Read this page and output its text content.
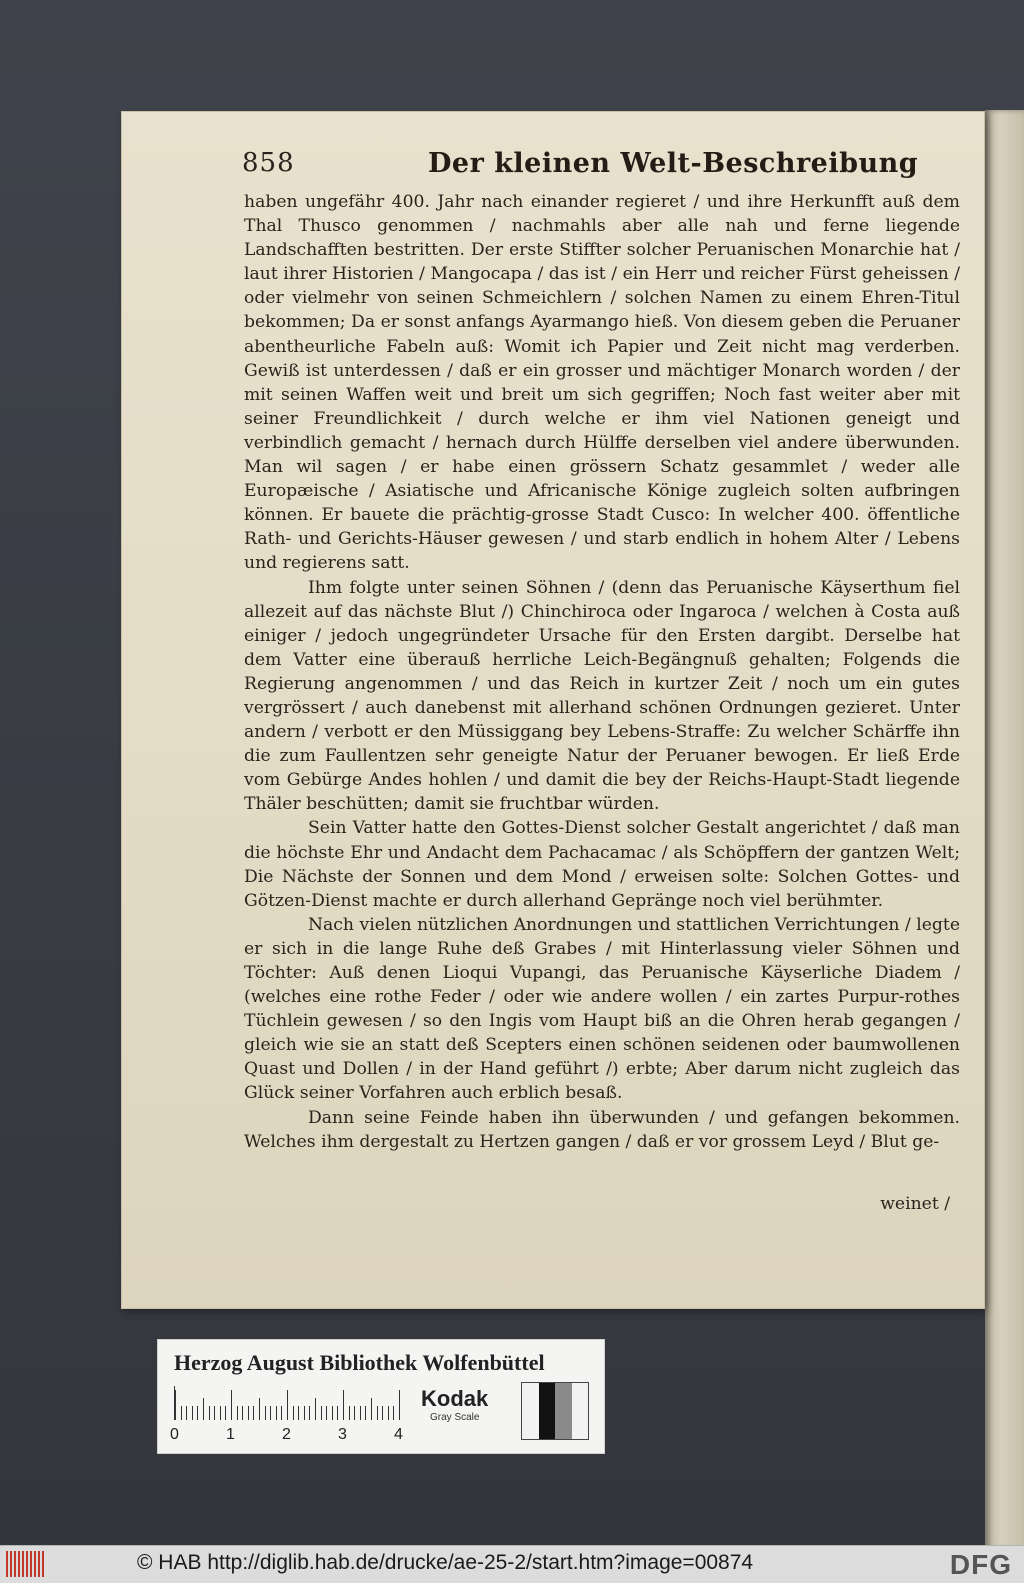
858	Der kleinen Welt-Beschreibung

haben ungefähr 400. Jahr nach einander regieret / und ihre Herkunfft auß dem Thal Thusco genommen / nachmahls aber alle nah und ferne liegende Landschafften bestritten. Der erste Stiffter solcher Peruanischen Monarchie hat / laut ihrer Historien / Mangocapa / das ist / ein Herr und reicher Fürst geheissen / oder vielmehr von seinen Schmeichlern / solchen Namen zu einem Ehren-Titul bekommen; Da er sonst anfangs Ayarmango hieß. Von diesem geben die Peruaner abentheurliche Fabeln auß: Womit ich Papier und Zeit nicht mag verderben. Gewiß ist unterdessen / daß er ein grosser und mächtiger Monarch worden / der mit seinen Waffen weit und breit um sich gegriffen; Noch fast weiter aber mit seiner Freundlichkeit / durch welche er ihm viel Nationen geneigt und verbindlich gemacht / hernach durch Hülffe derselben viel andere überwunden. Man wil sagen / er habe einen grössern Schatz gesammlet / weder alle Europæische / Asiatische und Africanische Könige zugleich solten aufbringen können. Er bauete die prächtig-grosse Stadt Cusco: In welcher 400. öffentliche Rath- und Gerichts-Häuser gewesen / und starb endlich in hohem Alter / Lebens und regierens satt.

Ihm folgte unter seinen Söhnen / (denn das Peruanische Käyserthum fiel allezeit auf das nächste Blut /) Chinchiroca oder Ingaroca / welchen à Costa auß einiger / jedoch ungegründeter Ursache für den Ersten dargibt. Derselbe hat dem Vatter eine überauß herrliche Leich-Begängnuß gehalten; Folgends die Regierung angenommen / und das Reich in kurtzer Zeit / noch um ein gutes vergrössert / auch danebenst mit allerhand schönen Ordnungen gezieret. Unter andern / verbott er den Müssiggang bey Lebens-Straffe: Zu welcher Schärffe ihn die zum Faullentzen sehr geneigte Natur der Peruaner bewogen. Er ließ Erde vom Gebürge Andes hohlen / und damit die bey der Reichs-Haupt-Stadt liegende Thäler beschütten; damit sie fruchtbar würden.

Sein Vatter hatte den Gottes-Dienst solcher Gestalt angerichtet / daß man die höchste Ehr und Andacht dem Pachacamac / als Schöpffern der gantzen Welt; Die Nächste der Sonnen und dem Mond / erweisen solte: Solchen Gottes- und Götzen-Dienst machte er durch allerhand Gepränge noch viel berühmter.

Nach vielen nützlichen Anordnungen und stattlichen Verrichtungen / legte er sich in die lange Ruhe deß Grabes / mit Hinterlassung vieler Söhnen und Töchter: Auß denen Lioqui Vupangi, das Peruanische Käyserliche Diadem / (welches eine rothe Feder / oder wie andere wollen / ein zartes Purpur-rothes Tüchlein gewesen / so den Ingis vom Haupt biß an die Ohren herab gegangen / gleich wie sie an statt deß Scepters einen schönen seidenen oder baumwollenen Quast und Dollen / in der Hand geführt /) erbte; Aber darum nicht zugleich das Glück seiner Vorfahren auch erblich besaß.

Dann seine Feinde haben ihn überwunden / und gefangen bekommen. Welches ihm dergestalt zu Hertzen gangen / daß er vor grossem Leyd / Blut ge-

weinet /
Herzog August Bibliothek Wolfenbüttel
0	1	2	3	4
Kodak
Gray Scale
© HAB http://diglib.hab.de/drucke/ae-25-2/start.htm?image=00874	DFG
